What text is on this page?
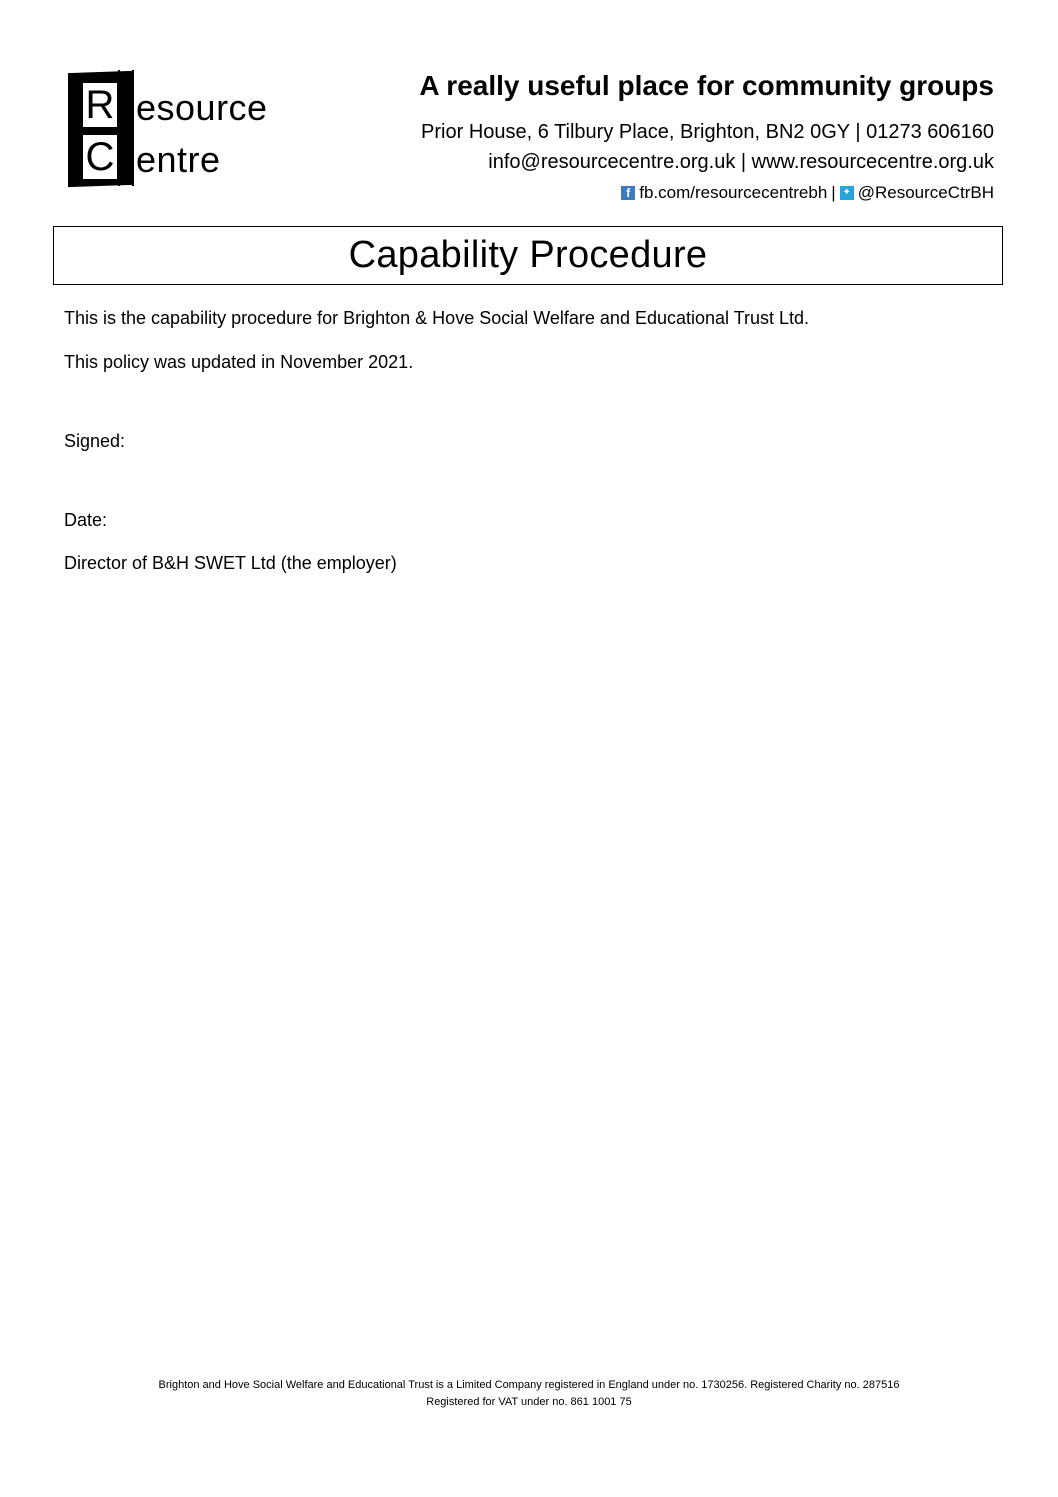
R
C
esource
entre
A really useful place for community groups
Prior House, 6 Tilbury Place, Brighton, BN2 0GY | 01273 606160
info@resourcecentre.org.uk | www.resourcecentre.org.uk
f fb.com/resourcecentrebh | ✦ @ResourceCtrBH
Capability Procedure
This is the capability procedure for Brighton & Hove Social Welfare and Educational Trust Ltd.
This policy was updated in November 2021.
Signed:
Date:
Director of B&H SWET Ltd (the employer)
Brighton and Hove Social Welfare and Educational Trust is a Limited Company registered in England under no. 1730256. Registered Charity no. 287516
Registered for VAT under no. 861 1001 75
